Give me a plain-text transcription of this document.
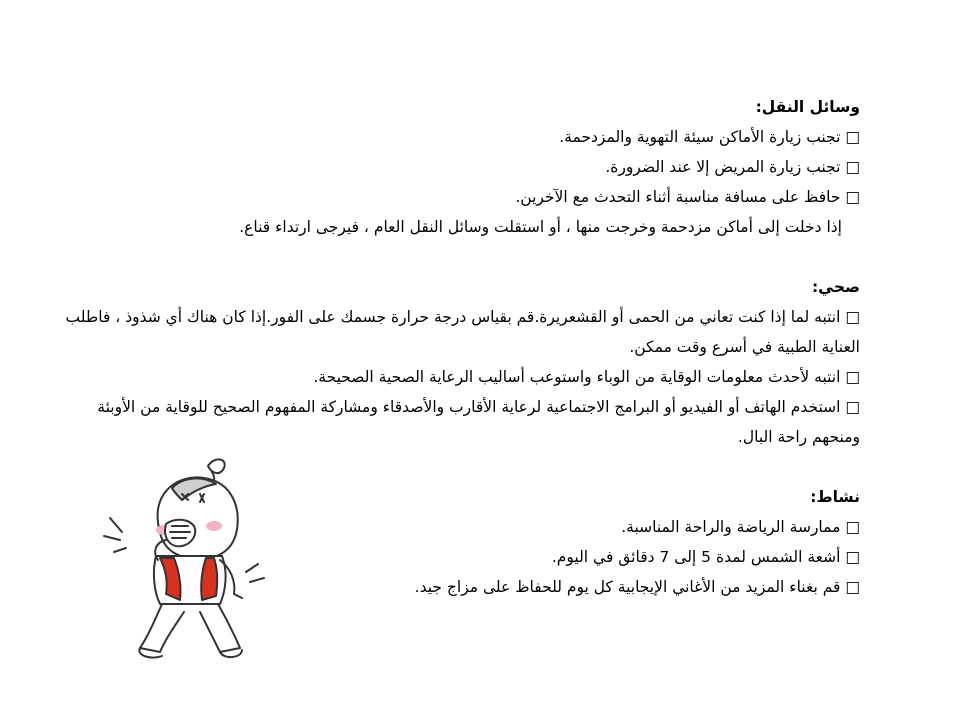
وسائل النقل:
□ تجنب زيارة الأماكن سيئة التهوية والمزدحمة.
□ تجنب زيارة المريض إلا عند الضرورة.
□ حافظ على مسافة مناسبة أثناء التحدث مع الآخرين.
إذا دخلت إلى أماكن مزدحمة وخرجت منها ، أو استقلت وسائل النقل العام ، فيرجى ارتداء قناع.
صحي:
□ انتبه لما إذا كنت تعاني من الحمى أو القشعريرة.قم بقياس درجة حرارة جسمك على الفور.إذا كان هناك أي شذوذ ، فاطلب العناية الطبية في أسرع وقت ممكن.
□ انتبه لأحدث معلومات الوقاية من الوباء واستوعب أساليب الرعاية الصحية الصحيحة.
□ استخدم الهاتف أو الفيديو أو البرامج الاجتماعية لرعاية الأقارب والأصدقاء ومشاركة المفهوم الصحيح للوقاية من الأوبئة ومنحهم راحة البال.
نشاط:
□ ممارسة الرياضة والراحة المناسبة.
□ أشعة الشمس لمدة 5 إلى 7 دقائق في اليوم.
□ قم بغناء المزيد من الأغاني الإيجابية كل يوم للحفاظ على مزاج جيد.
